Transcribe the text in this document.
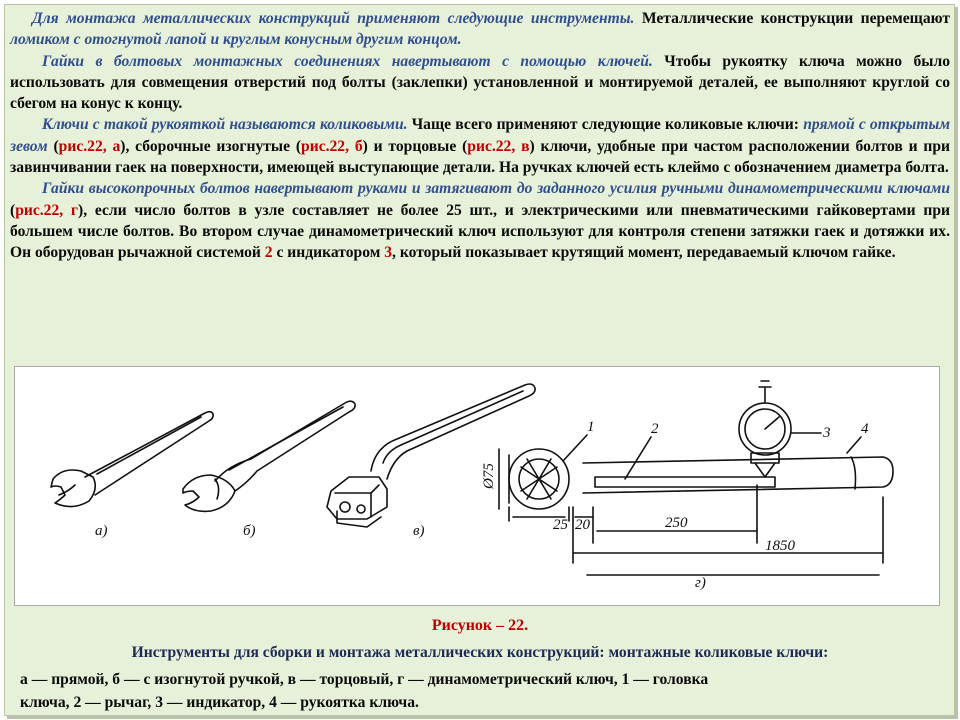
Для монтажа металлических конструкций применяют следующие инструменты. Металлические конструкции перемещают ломиком с отогнутой лапой и круглым конусным другим концом.

Гайки в болтовых монтажных соединениях навертывают с помощью ключей. Чтобы рукоятку ключа можно было использовать для совмещения отверстий под болты (заклепки) установленной и монтируемой деталей, ее выполняют круглой со сбегом на конус к концу.

Ключи с такой рукояткой называются коликовыми. Чаще всего применяют следующие коликовые ключи: прямой с открытым зевом (рис.22, а), сборочные изогнутые (рис.22, б) и торцовые (рис.22, в) ключи, удобные при частом расположении болтов и при завинчивании гаек на поверхности, имеющей выступающие детали. На ручках ключей есть клеймо с обозначением диаметра болта.

Гайки высокопрочных болтов навертывают руками и затягивают до заданного усилия ручными динамометрическими ключами (рис.22, г), если число болтов в узле составляет не более 25 шт., и электрическими или пневматическими гайковертами при большем числе болтов. Во втором случае динамометрический ключ используют для контроля степени затяжки гаек и дотяжки их. Он оборудован рычажной системой 2 с индикатором 3, который показывает крутящий момент, передаваемый ключом гайке.

а)	б)	в)
г)
1	2	3 4
Ø75
25 20	250
1850
Рисунок – 22.
Инструменты для сборки и монтажа металлических конструкций: монтажные коликовые ключи:
а — прямой, б — с изогнутой ручкой, в — торцовый, г — динамометрический ключ, 1 — головка
ключа, 2 — рычаг, 3 — индикатор, 4 — рукоятка ключа.
